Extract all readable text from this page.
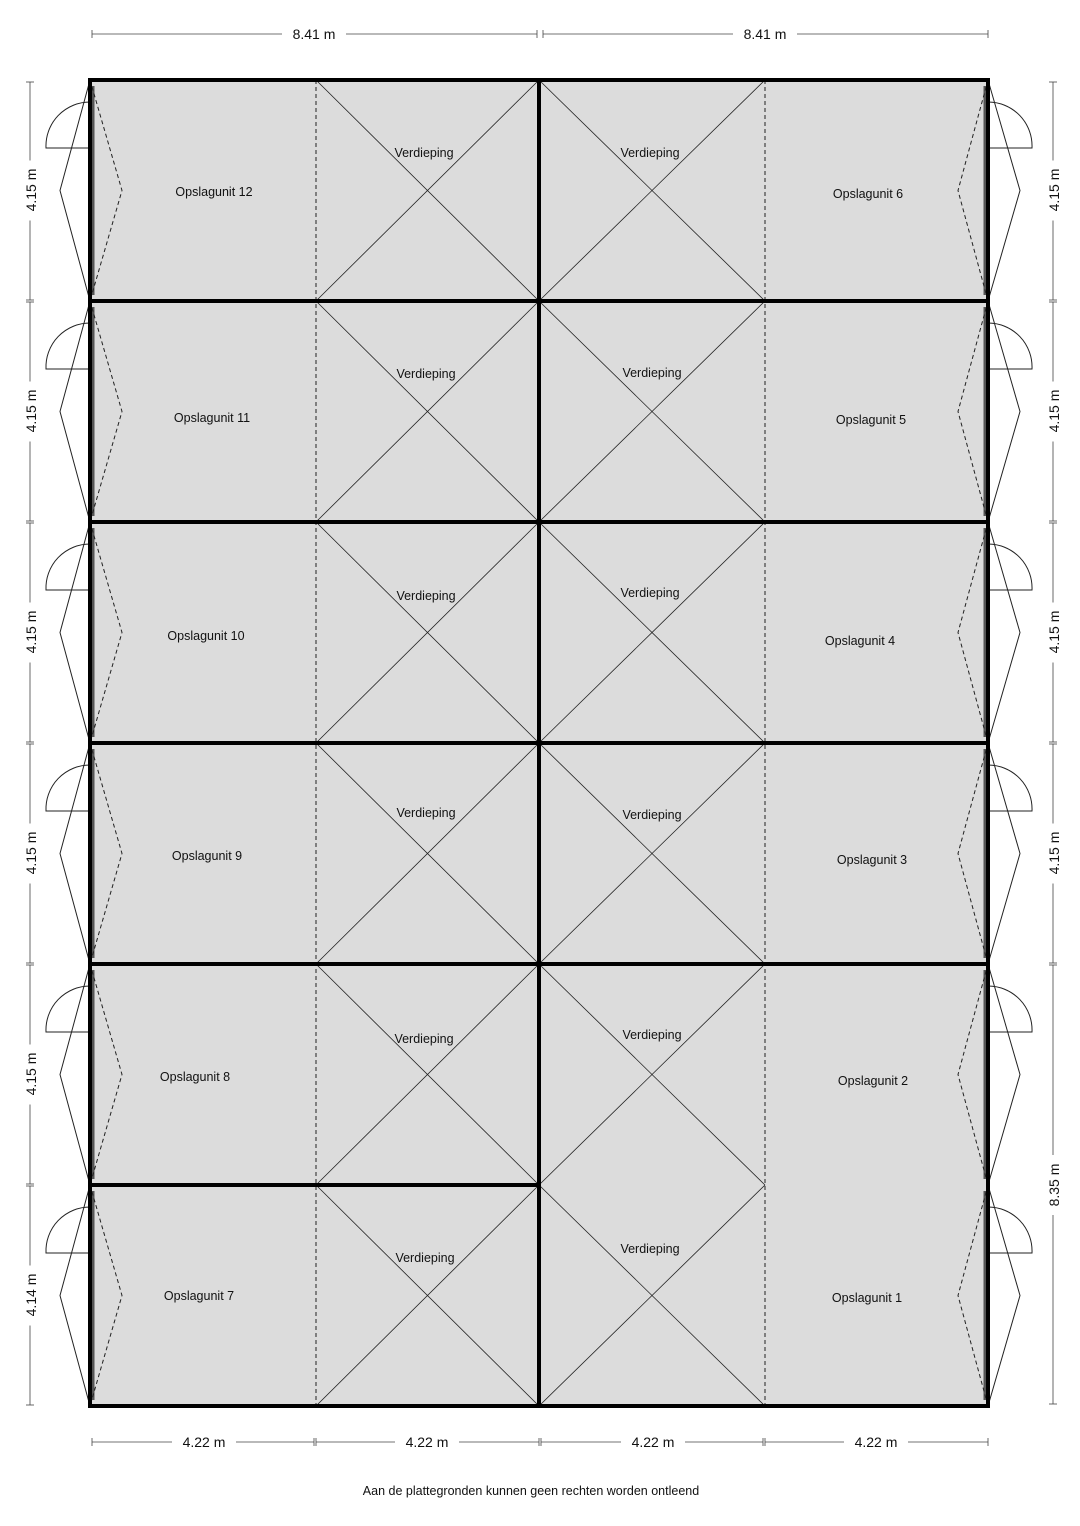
8.41 m	8.41 m
4.22 m	4.22 m	4.22 m	4.22 m
4.15 m
4.15 m
4.15 m
4.15 m
4.15 m
4.14 m
4.15 m
4.15 m
4.15 m
4.15 m
8.35 m
Opslagunit 12
Opslagunit 11
Opslagunit 10
Opslagunit 9
Opslagunit 8
Opslagunit 7
Opslagunit 6
Opslagunit 5
Opslagunit 4
Opslagunit 3
Opslagunit 2
Opslagunit 1
Verdieping
Verdieping
Verdieping
Verdieping
Verdieping
Verdieping
Verdieping
Verdieping
Verdieping
Verdieping
Verdieping
Verdieping
Aan de plattegronden kunnen geen rechten worden ontleend
